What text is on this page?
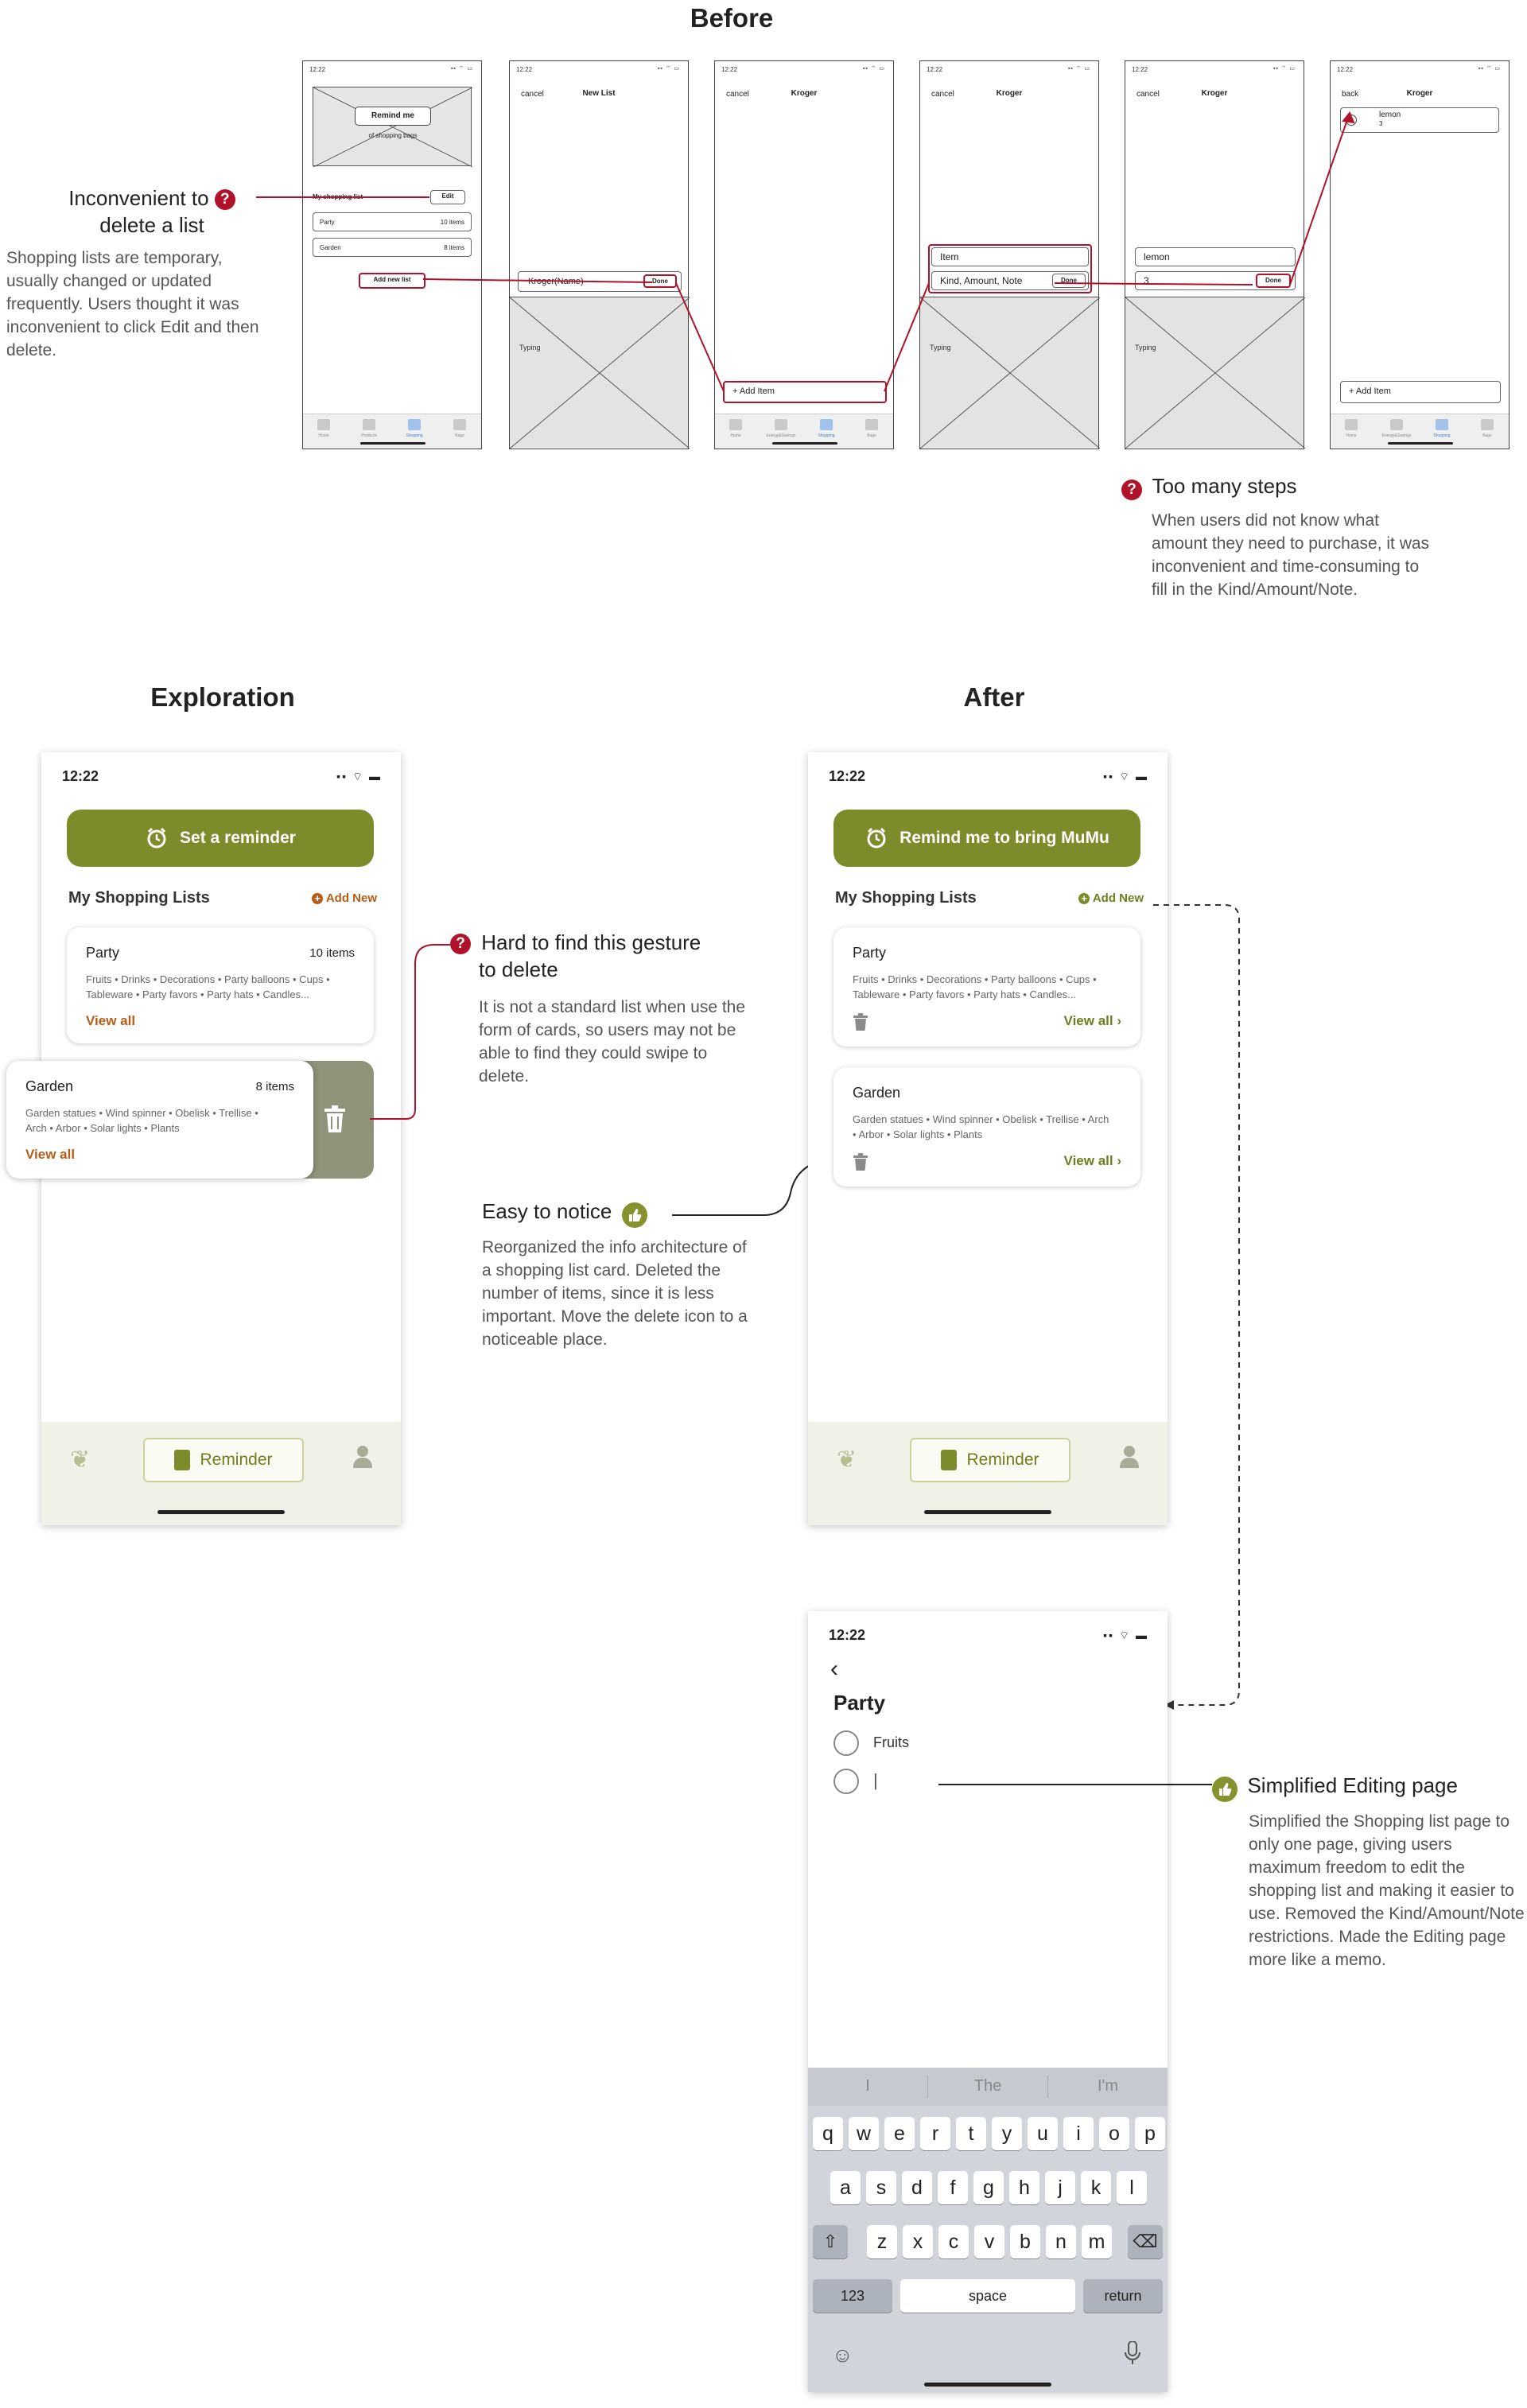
Before
Exploration	After
12:22	▪▪ ⌔ ▭
Remind me
of shopping bags
My shopping list	Edit
Party	10 items
Garden	8 items
Add new list
Home	Products	Shopping	Bags
12:22	▪▪ ⌔ ▭
cancel	New List
Kroger(Name)	Done
Typing
12:22	▪▪ ⌔ ▭
cancel	Kroger
+ Add Item
Home	Energy&Savings	Shopping	Bags
12:22	▪▪ ⌔ ▭
cancel	Kroger
Item
Kind, Amount, Note	Done
Typing
12:22	▪▪ ⌔ ▭
cancel	Kroger
lemon
3	Done
Typing
12:22	▪▪ ⌔ ▭
back	Kroger
lemon
3
+ Add Item
Home	Energy&Savings	Shopping	Bags
Inconvenient to ?
delete a list
Shopping lists are temporary, usually changed or updated frequently. Users thought it was inconvenient to click Edit and then delete.
? Too many steps
When users did not know what amount they need to purchase, it was inconvenient and time-consuming to fill in the Kind/Amount/Note.
12:22	▪▪ ⌔ ▬
Set a reminder
My Shopping Lists	+ Add New
Party	10 items
Fruits • Drinks • Decorations • Party balloons • Cups • Tableware • Party favors • Party hats • Candles...
View all
❦	Reminder
Garden	8 items
Garden statues • Wind spinner • Obelisk • Trellise • Arch • Arbor • Solar lights • Plants
View all
? Hard to find this gesture
to delete
It is not a standard list when use the form of cards, so users may not be able to find they could swipe to delete.
Easy to notice
Reorganized the info architecture of a shopping list card. Deleted the number of items, since it is less important. Move the delete icon to a noticeable place.
12:22	▪▪ ⌔ ▬
Remind me to bring MuMu
My Shopping Lists	+ Add New
Party
Fruits • Drinks • Decorations • Party balloons • Cups • Tableware • Party favors • Party hats • Candles...
View all ›
Garden
Garden statues • Wind spinner • Obelisk • Trellise • Arch • Arbor • Solar lights • Plants
View all ›
❦	Reminder
12:22	▪▪ ⌔ ▬
‹
Party
Fruits
|
I	The	I'm
q	w	e	r	t	y	u	i	o	p
a	s	d	f	g	h	j	k	l
z	x	c	v	b	n	m
⇧	⌫
123	space	return
☺
Simplified Editing page
Simplified the Shopping list page to only one page, giving users maximum freedom to edit the shopping list and making it easier to use. Removed the Kind/Amount/Note restrictions. Made the Editing page more like a memo.
